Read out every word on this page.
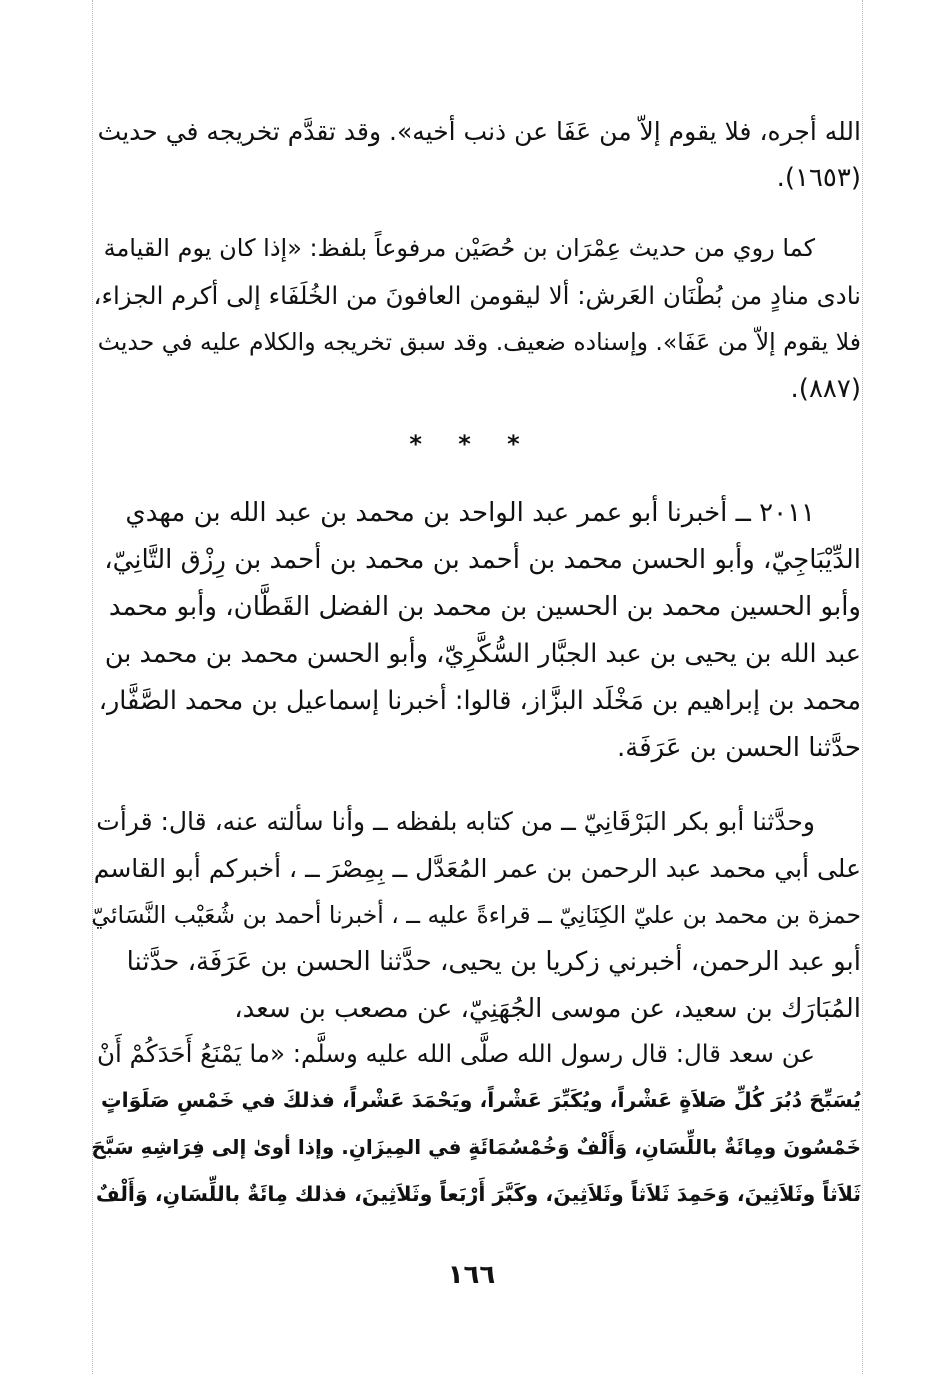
الله أجره، فلا يقوم إلاّ من عَفَا عن ذنب أخيه». وقد تقدَّم تخريجه في حديث
(١٦٥٣).
كما روي من حديث عِمْرَان بن حُصَيْن مرفوعاً بلفظ: «إذا كان يوم القيامة
نادى منادٍ من بُطْنَان العَرش: ألا ليقومن العافونَ من الخُلَفَاء إلى أكرم الجزاء،
فلا يقوم إلاّ من عَفَا». وإسناده ضعيف. وقد سبق تخريجه والكلام عليه في حديث
(٨٨٧).
* * *
٢٠١١ ــ أخبرنا أبو عمر عبد الواحد بن محمد بن عبد الله بن مهدي
الدِّيْبَاجِيّ، وأبو الحسن محمد بن أحمد بن محمد بن أحمد بن رِزْق التَّانِيّ،
وأبو الحسين محمد بن الحسين بن محمد بن الفضل القَطَّان، وأبو محمد
عبد الله بن يحيى بن عبد الجبَّار السُّكَّرِيّ، وأبو الحسن محمد بن محمد بن
محمد بن إبراهيم بن مَخْلَد البزَّاز، قالوا: أخبرنا إسماعيل بن محمد الصَّفَّار،
حدَّثنا الحسن بن عَرَفَة.
وحدَّثنا أبو بكر البَرْقَانِيّ ــ من كتابه بلفظه ــ وأنا سألته عنه، قال: قرأت
على أبي محمد عبد الرحمن بن عمر المُعَدَّل ــ بِمِصْرَ ــ ، أخبركم أبو القاسم
حمزة بن محمد بن عليّ الكِنَانِيّ ــ قراءةً عليه ــ ، أخبرنا أحمد بن شُعَيْب النَّسَائيّ
أبو عبد الرحمن، أخبرني زكريا بن يحيى، حدَّثنا الحسن بن عَرَفَة، حدَّثنا
المُبَارَك بن سعيد، عن موسى الجُهَنِيّ، عن مصعب بن سعد،
عن سعد قال: قال رسول الله صلَّى الله عليه وسلَّم: «ما يَمْنَعُ أَحَدَكُمْ أَنْ
يُسَبِّحَ دُبُرَ كُلِّ صَلاَةٍ عَشْراً، ويُكَبِّرَ عَشْراً، ويَحْمَدَ عَشْراً، فذلكَ في خَمْسِ صَلَوَاتٍ
خَمْسُونَ ومِائَةٌ باللِّسَانِ، وَأَلْفٌ وَخُمْسُمَائَةٍ في المِيزَانِ. وإذا أوىٰ إلى فِرَاشِهِ سَبَّحَ
ثَلاَثاً وثَلاَثِينَ، وَحَمِدَ ثَلاَثاً وثَلاَثِينَ، وكَبَّرَ أَرْبَعاً وثَلاَثِينَ، فذلك مِائَةٌ باللِّسَانِ، وَأَلْفٌ
١٦٦
